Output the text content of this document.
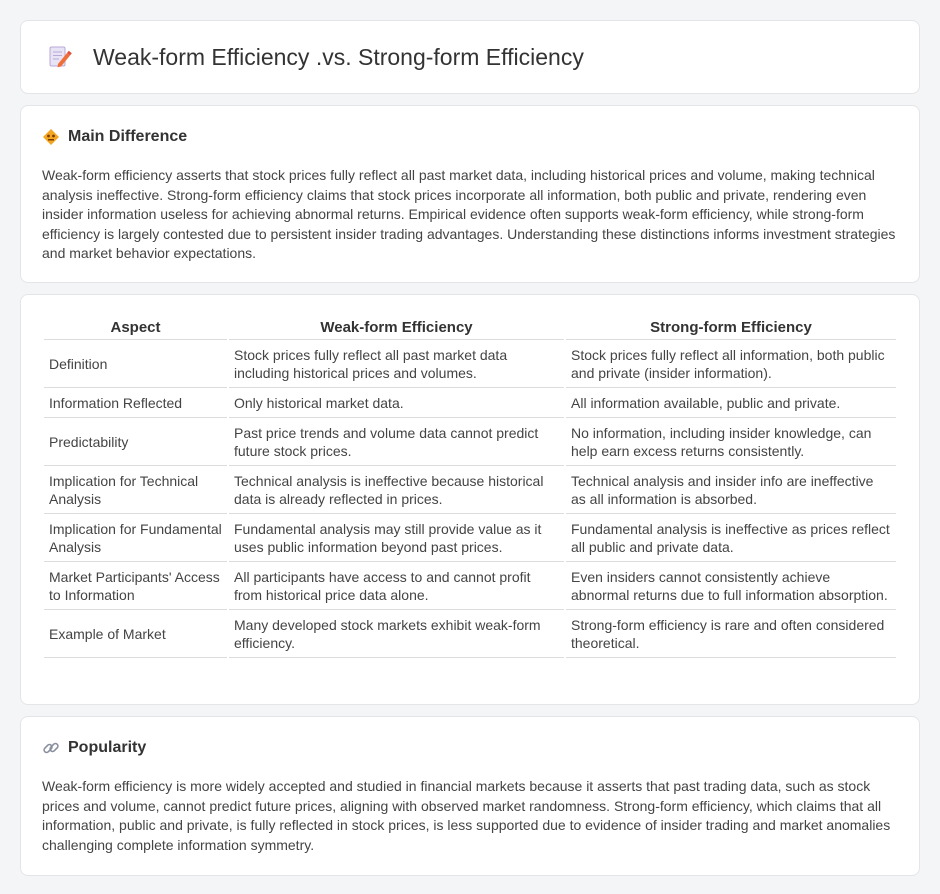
Weak-form Efficiency .vs. Strong-form Efficiency
Main Difference

Weak-form efficiency asserts that stock prices fully reflect all past market data, including historical prices and volume, making technical analysis ineffective. Strong-form efficiency claims that stock prices incorporate all information, both public and private, rendering even insider information useless for achieving abnormal returns. Empirical evidence often supports weak-form efficiency, while strong-form efficiency is largely contested due to persistent insider trading advantages. Understanding these distinctions informs investment strategies and market behavior expectations.

Aspect	Weak-form Efficiency	Strong-form Efficiency
Definition	Stock prices fully reflect all past market data including historical prices and volumes.	Stock prices fully reflect all information, both public and private (insider information).
Information Reflected	Only historical market data.	All information available, public and private.
Predictability	Past price trends and volume data cannot predict future stock prices.	No information, including insider knowledge, can help earn excess returns consistently.
Implication for Technical Analysis	Technical analysis is ineffective because historical data is already reflected in prices.	Technical analysis and insider info are ineffective as all information is absorbed.
Implication for Fundamental Analysis	Fundamental analysis may still provide value as it uses public information beyond past prices.	Fundamental analysis is ineffective as prices reflect all public and private data.
Market Participants' Access to Information	All participants have access to and cannot profit from historical price data alone.	Even insiders cannot consistently achieve abnormal returns due to full information absorption.
Example of Market	Many developed stock markets exhibit weak-form efficiency.	Strong-form efficiency is rare and often considered theoretical.
Popularity

Weak-form efficiency is more widely accepted and studied in financial markets because it asserts that past trading data, such as stock prices and volume, cannot predict future prices, aligning with observed market randomness. Strong-form efficiency, which claims that all information, public and private, is fully reflected in stock prices, is less supported due to evidence of insider trading and market anomalies challenging complete information symmetry.
